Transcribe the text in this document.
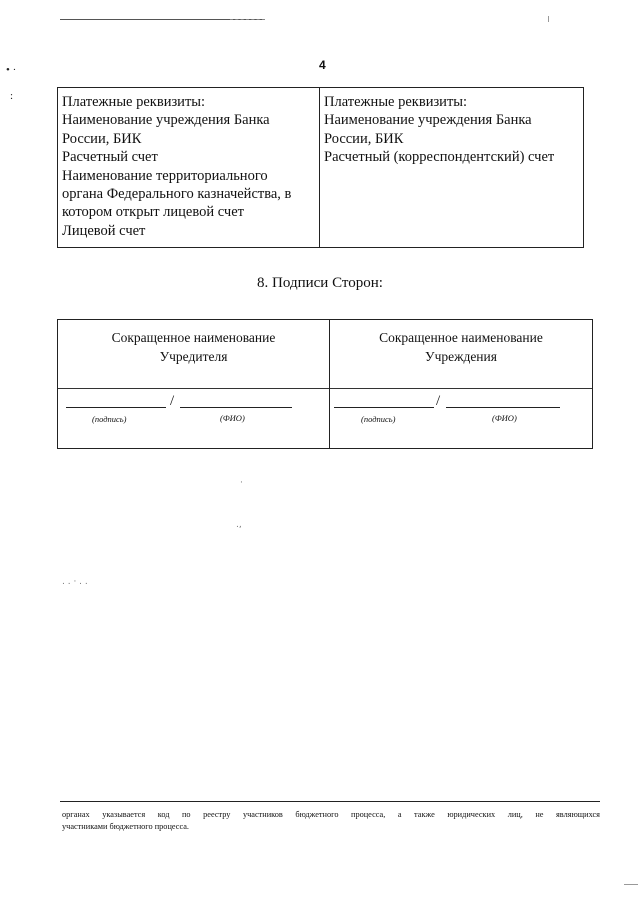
• ·
:
4
Платежные реквизиты:
Наименование учреждения Банка
России, БИК
Расчетный счет
Наименование территориального
органа Федерального казначейства, в
котором открыт лицевой счет
Лицевой счет
Платежные реквизиты:
Наименование учреждения Банка
России, БИК
Расчетный (корреспондентский) счет
8. Подписи Сторон:
Сокращенное наименование
Учредителя
/
(подпись)	(ФИО)
Сокращенное наименование
Учреждения
/
(подпись)	(ФИО)
·
.,
. . · . .
органах указывается код по реестру участников бюджетного процесса, а также юридических лиц, не являющихся
участниками бюджетного процесса.
